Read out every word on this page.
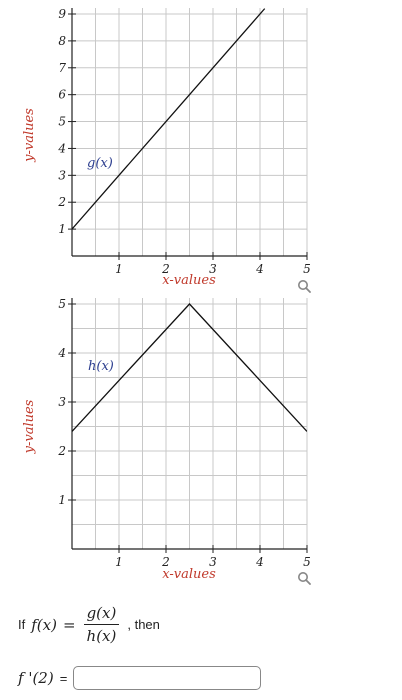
1	2	3	4	5
1
2
3
4
5
6
7
8
9
x-values
y-values
g(x)
1	2	3	4	5
1
2
3
4
5
x-values
y-values
h(x)
If $f(x) = \frac{g(x)}{h(x)}$ , then
f '(2) =
